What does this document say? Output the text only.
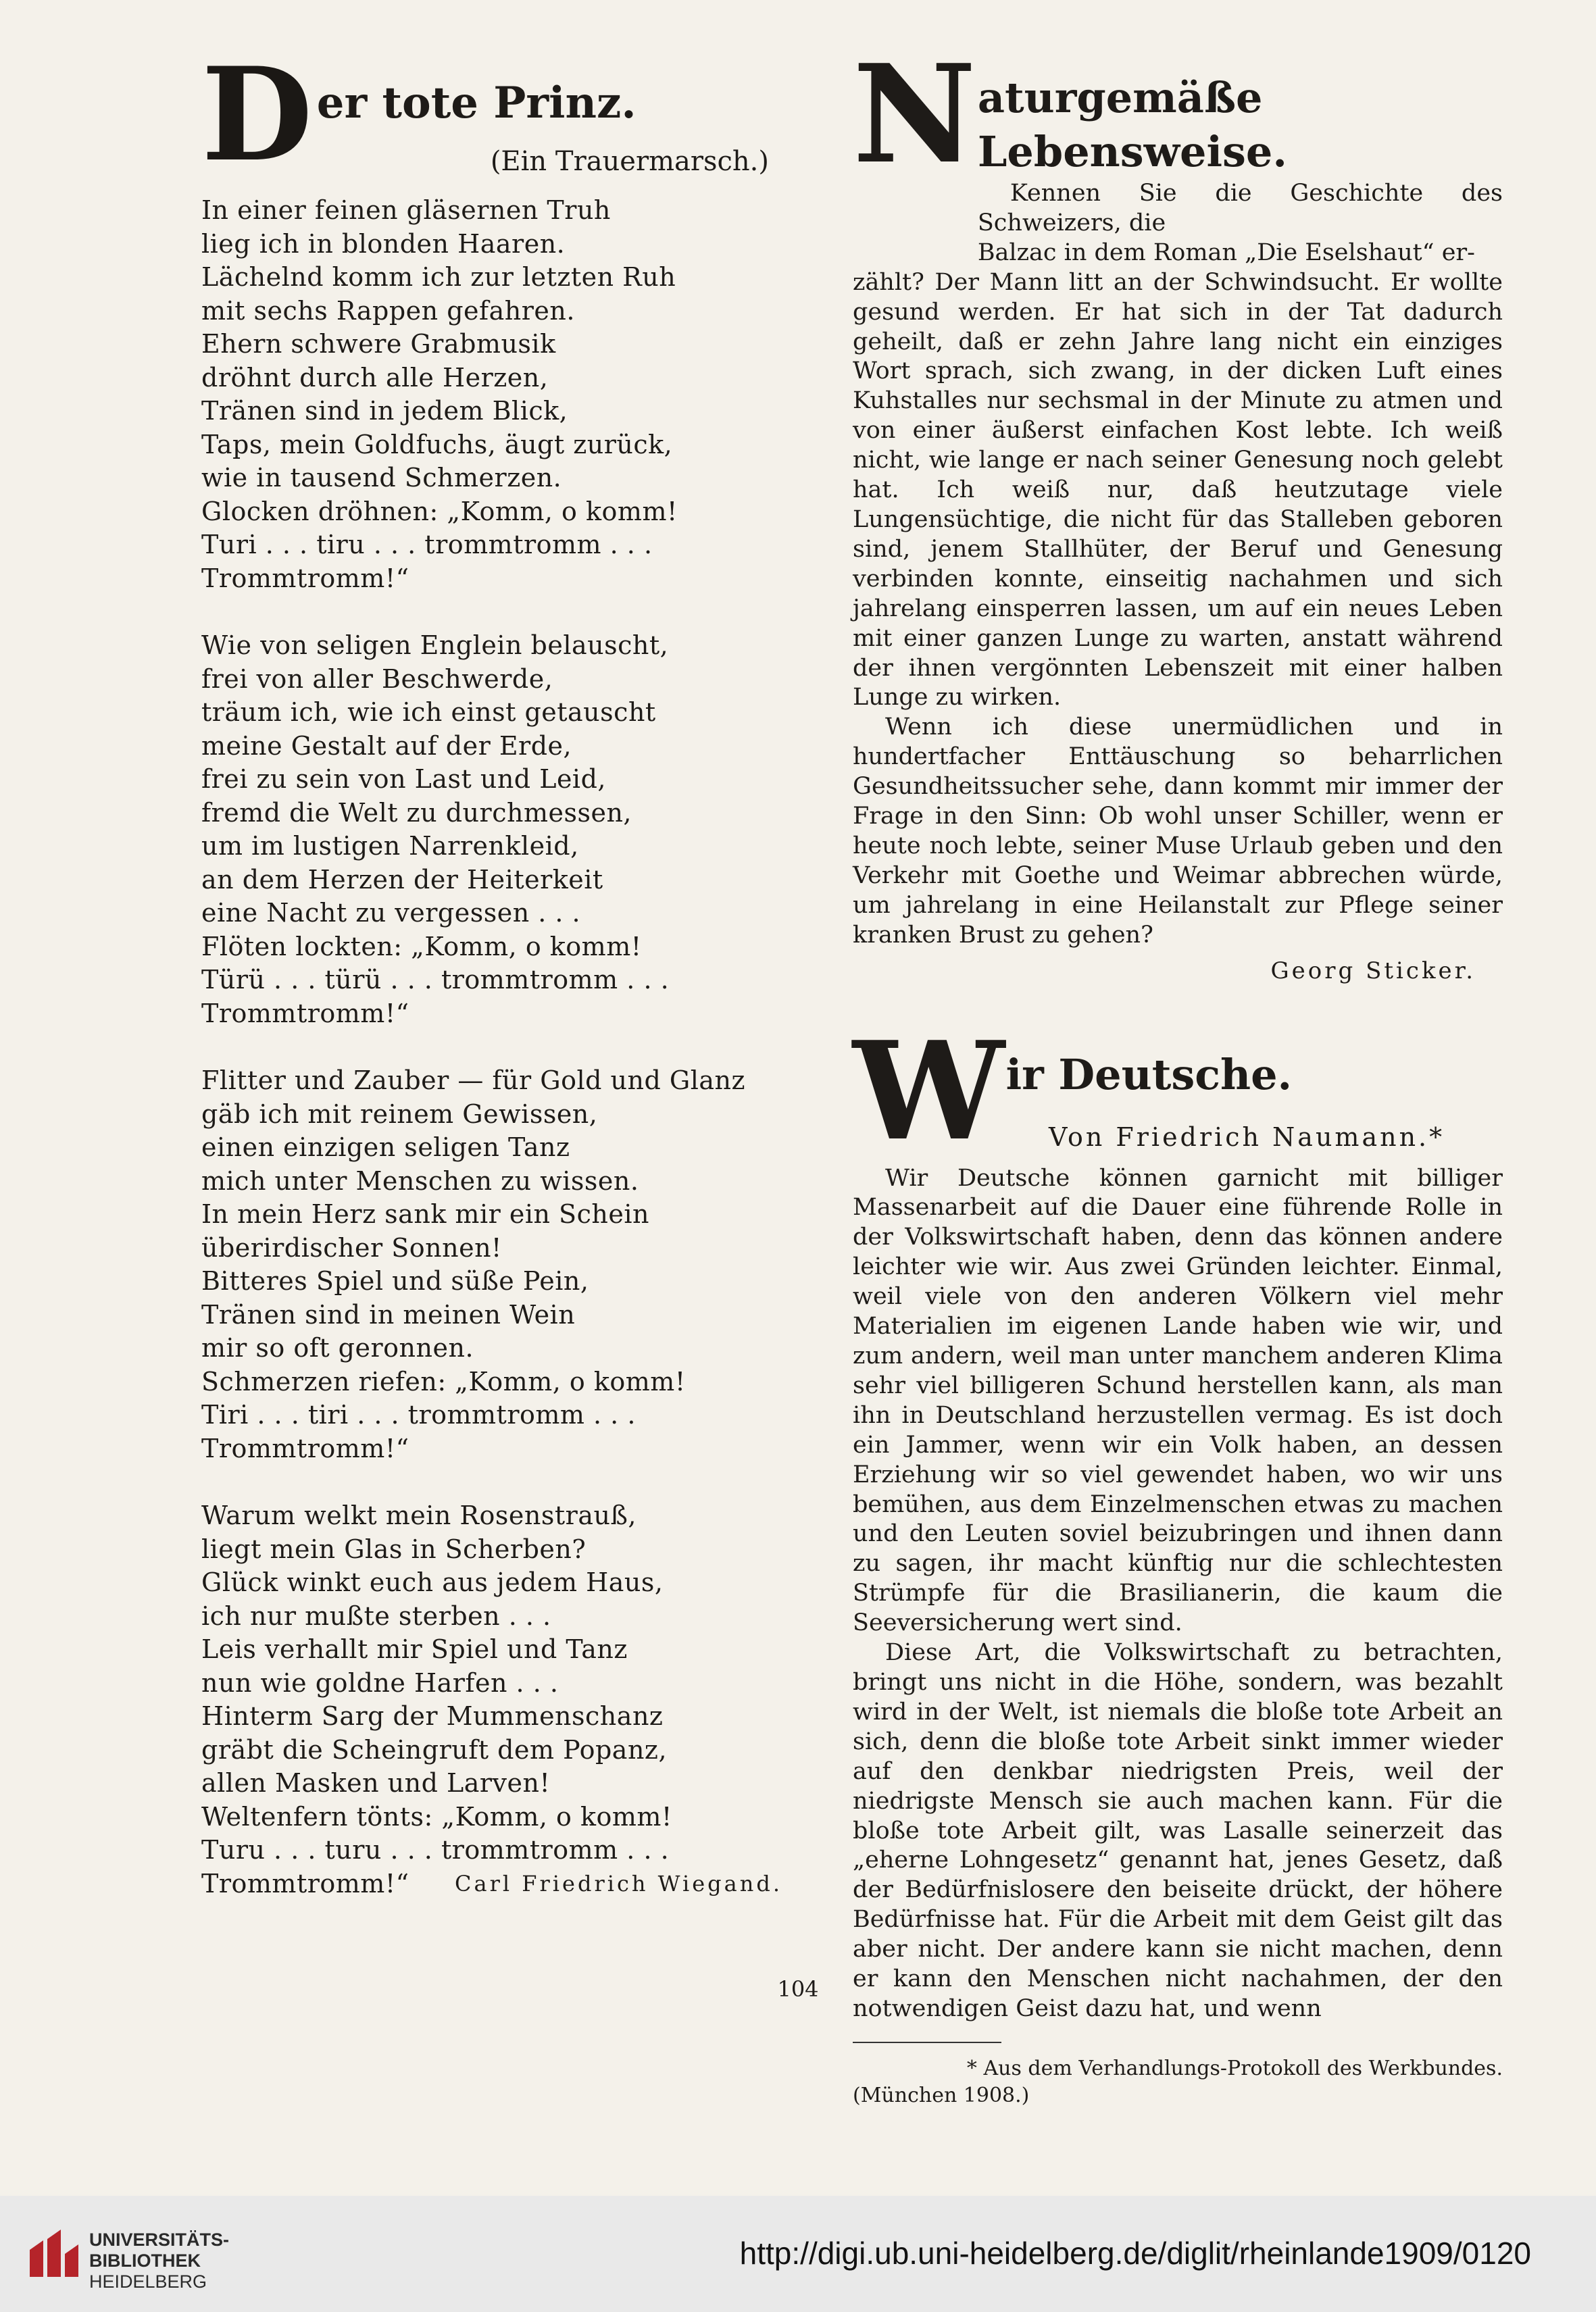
D er tote Prinz.
(Ein Trauermarsch.)
In einer feinen gläsernen Truh
lieg ich in blonden Haaren.
Lächelnd komm ich zur letzten Ruh
mit sechs Rappen gefahren.
Ehern schwere Grabmusik
dröhnt durch alle Herzen,
Tränen sind in jedem Blick,
Taps, mein Goldfuchs, äugt zurück,
wie in tausend Schmerzen.
Glocken dröhnen: „Komm, o komm!
Turi . . . tiru . . . trommtromm . . .
Trommtromm!“
Wie von seligen Englein belauscht,
frei von aller Beschwerde,
träum ich, wie ich einst getauscht
meine Gestalt auf der Erde,
frei zu sein von Last und Leid,
fremd die Welt zu durchmessen,
um im lustigen Narrenkleid,
an dem Herzen der Heiterkeit
eine Nacht zu vergessen . . .
Flöten lockten: „Komm, o komm!
Türü . . . türü . . . trommtromm . . .
Trommtromm!“
Flitter und Zauber — für Gold und Glanz
gäb ich mit reinem Gewissen,
einen einzigen seligen Tanz
mich unter Menschen zu wissen.
In mein Herz sank mir ein Schein
überirdischer Sonnen!
Bitteres Spiel und süße Pein,
Tränen sind in meinen Wein
mir so oft geronnen.
Schmerzen riefen: „Komm, o komm!
Tiri . . . tiri . . . trommtromm . . .
Trommtromm!“
Warum welkt mein Rosenstrauß,
liegt mein Glas in Scherben?
Glück winkt euch aus jedem Haus,
ich nur mußte sterben . . .
Leis verhallt mir Spiel und Tanz
nun wie goldne Harfen . . .
Hinterm Sarg der Mummenschanz
gräbt die Scheingruft dem Popanz,
allen Masken und Larven!
Weltenfern tönts: „Komm, o komm!
Turu . . . turu . . . trommtromm . . .
Trommtromm!“ Carl Friedrich Wiegand.
N aturgemäße Lebensweise.
Kennen Sie die Geschichte des Schweizers, die
Balzac in dem Roman „Die Eselshaut“ er-

zählt? Der Mann litt an der Schwindsucht. Er wollte gesund werden. Er hat sich in der Tat dadurch geheilt, daß er zehn Jahre lang nicht ein einziges Wort sprach, sich zwang, in der dicken Luft eines Kuhstalles nur sechsmal in der Minute zu atmen und von einer äußerst einfachen Kost lebte. Ich weiß nicht, wie lange er nach seiner Genesung noch gelebt hat. Ich weiß nur, daß heutzutage viele Lungensüchtige, die nicht für das Stalleben geboren sind, jenem Stallhüter, der Beruf und Genesung verbinden konnte, einseitig nachahmen und sich jahrelang einsperren lassen, um auf ein neues Leben mit einer ganzen Lunge zu warten, anstatt während der ihnen vergönnten Lebenszeit mit einer halben Lunge zu wirken.

Wenn ich diese unermüdlichen und in hundertfacher Enttäuschung so beharrlichen Gesundheitssucher sehe, dann kommt mir immer der Frage in den Sinn: Ob wohl unser Schiller, wenn er heute noch lebte, seiner Muse Urlaub geben und den Verkehr mit Goethe und Weimar abbrechen würde, um jahrelang in eine Heilanstalt zur Pflege seiner kranken Brust zu gehen?

Georg Sticker.
W ir Deutsche.
Von Friedrich Naumann.*

Wir Deutsche können garnicht mit billiger Massenarbeit auf die Dauer eine führende Rolle in der Volkswirtschaft haben, denn das können andere leichter wie wir. Aus zwei Gründen leichter. Einmal, weil viele von den anderen Völkern viel mehr Materialien im eigenen Lande haben wie wir, und zum andern, weil man unter manchem anderen Klima sehr viel billigeren Schund herstellen kann, als man ihn in Deutschland herzustellen vermag. Es ist doch ein Jammer, wenn wir ein Volk haben, an dessen Erziehung wir so viel gewendet haben, wo wir uns bemühen, aus dem Einzelmenschen etwas zu machen und den Leuten soviel beizubringen und ihnen dann zu sagen, ihr macht künftig nur die schlechtesten Strümpfe für die Brasilianerin, die kaum die Seeversicherung wert sind.

Diese Art, die Volkswirtschaft zu betrachten, bringt uns nicht in die Höhe, sondern, was bezahlt wird in der Welt, ist niemals die bloße tote Arbeit an sich, denn die bloße tote Arbeit sinkt immer wieder auf den denkbar niedrigsten Preis, weil der niedrigste Mensch sie auch machen kann. Für die bloße tote Arbeit gilt, was Lasalle seinerzeit das „eherne Lohngesetz“ genannt hat, jenes Gesetz, daß der Bedürfnislosere den beiseite drückt, der höhere Bedürfnisse hat. Für die Arbeit mit dem Geist gilt das aber nicht. Der andere kann sie nicht machen, denn er kann den Menschen nicht nachahmen, der den notwendigen Geist dazu hat, und wenn

* Aus dem Verhandlungs-Protokoll des Werkbundes.
(München 1908.)
104
UNIVERSITÄTS-
BIBLIOTHEK
HEIDELBERG
http://digi.ub.uni-heidelberg.de/diglit/rheinlande1909/0120
